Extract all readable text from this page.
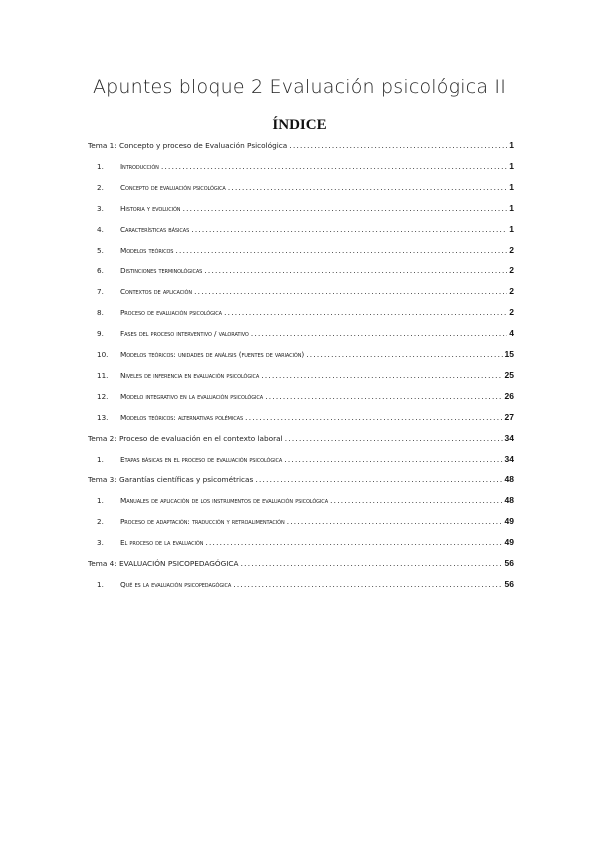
Apuntes bloque 2 Evaluación psicológica II
ÍNDICE
Tema 1: Concepto y proceso de Evaluación Psicológica .....	1
1.	Introducción .....	1
2.	Concepto de evaluación psicológica .....	1
3.	Historia y evolución .....	1
4.	Características básicas .....	1
5.	Modelos teóricos .....	2
6.	Distinciones terminológicas .....	2
7.	Contextos de aplicación .....	2
8.	Proceso de evaluación psicológica .....	2
9.	Fases del proceso interventivo / valorativo .....	4
10.	Modelos teóricos: unidades de análisis (fuentes de variación) .....	15
11.	Niveles de inferencia en evaluación psicológica .....	25
12.	Modelo integrativo en la evaluación psicológica .....	26
13.	Modelos teóricos: alternativas polémicas .....	27
Tema 2: Proceso de evaluación en el contexto laboral .....	34
1.	Etapas básicas en el proceso de evaluación psicológica .....	34
Tema 3: Garantías científicas y psicométricas .....	48
1.	Manuales de aplicación de los instrumentos de evaluación psicológica .....	48
2.	Proceso de adaptación: traducción y retroalimentación .....	49
3.	El proceso de la evaluación .....	49
Tema 4: EVALUACIÓN PSICOPEDAGÓGICA .....	56
1.	Qué es la evaluación psicopedagógica .....	56
